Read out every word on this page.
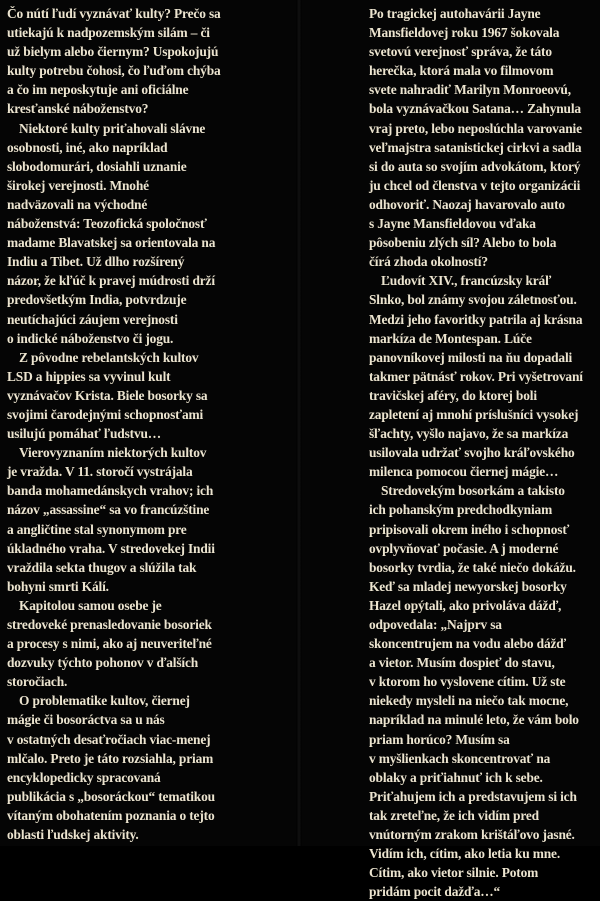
Čo nútí ľudí vyznávať kulty? Prečo sa
utiekajú k nadpozemským silám – či
už bielym alebo čiernym? Uspokojujú
kulty potrebu čohosi, čo ľuďom chýba
a čo im neposkytuje ani oficiálne
kresťanské náboženstvo?

Niektoré kulty priťahovali slávne
osobnosti, iné, ako napríklad
slobodomurári, dosiahli uznanie
širokej verejnosti. Mnohé
nadväzovali na východné
náboženstvá: Teozofická spoločnosť
madame Blavatskej sa orientovala na
Indiu a Tibet. Už dlho rozšírený
názor, že kľúč k pravej múdrosti drží
predovšetkým India, potvrdzuje
neutíchajúci záujem verejnosti
o indické náboženstvo či jogu.

Z pôvodne rebelantských kultov
LSD a hippies sa vyvinul kult
vyznávačov Krista. Biele bosorky sa
svojimi čarodejnými schopnosťami
usilujú pomáhať ľudstvu…

Vierovyznaním niektorých kultov
je vražda. V 11. storočí vystrájala
banda mohamedánskych vrahov; ich
názov „assassine“ sa vo francúzštine
a angličtine stal synonymom pre
úkladného vraha. V stredovekej Indii
vraždila sekta thugov a slúžila tak
bohyni smrti Kálí.

Kapitolou samou osebe je
stredoveké prenasledovanie bosoriek
a procesy s nimi, ako aj neuveriteľné
dozvuky týchto pohonov v ďalších
storočiach.

O problematike kultov, čiernej
mágie či bosoráctva sa u nás
v ostatných desaťročiach viac-menej
mlčalo. Preto je táto rozsiahla, priam
encyklopedicky spracovaná
publikácia s „bosoráckou“ tematikou
vítaným obohatením poznania o tejto
oblasti ľudskej aktivity.

Po tragickej autohavárii Jayne
Mansfieldovej roku 1967 šokovala
svetovú verejnosť správa, že táto
herečka, ktorá mala vo filmovom
svete nahradiť Marilyn Monroeovú,
bola vyznávačkou Satana… Zahynula
vraj preto, lebo neposlúchla varovanie
veľmajstra satanistickej cirkvi a sadla
si do auta so svojím advokátom, ktorý
ju chcel od členstva v tejto organizácii
odhovoriť. Naozaj havarovalo auto
s Jayne Mansfieldovou vďaka
pôsobeniu zlých síl? Alebo to bola
čírá zhoda okolností?

Ľudovít XIV., francúzsky kráľ
Slnko, bol známy svojou záletnosťou.
Medzi jeho favoritky patrila aj krásna
markíza de Montespan. Lúče
panovníkovej milosti na ňu dopadali
takmer pätnásť rokov. Pri vyšetrovaní
travičskej aféry, do ktorej boli
zapletení aj mnohí príslušníci vysokej
šľachty, vyšlo najavo, že sa markíza
usilovala udržať svojho kráľovského
milenca pomocou čiernej mágie…

Stredovekým bosorkám a takisto
ich pohanským predchodkyniam
pripisovali okrem iného i schopnosť
ovplyvňovať počasie. A j moderné
bosorky tvrdia, že také niečo dokážu.
Keď sa mladej newyorskej bosorky
Hazel opýtali, ako privoláva dážď,
odpovedala: „Najprv sa
skoncentrujem na vodu alebo dážď
a vietor. Musím dospieť do stavu,
v ktorom ho vyslovene cítim. Už ste
niekedy mysleli na niečo tak mocne,
napríklad na minulé leto, že vám bolo
priam horúco? Musím sa
v myšlienkach skoncentrovať na
oblaky a priťiahnuť ich k sebe.
Priťahujem ich a predstavujem si ich
tak zreteľne, že ich vidím pred
vnútorným zrakom krištáľovo jasné.
Vidím ich, cítim, ako letia ku mne.
Cítim, ako vietor silnie. Potom
pridám pocit dažďa…“
